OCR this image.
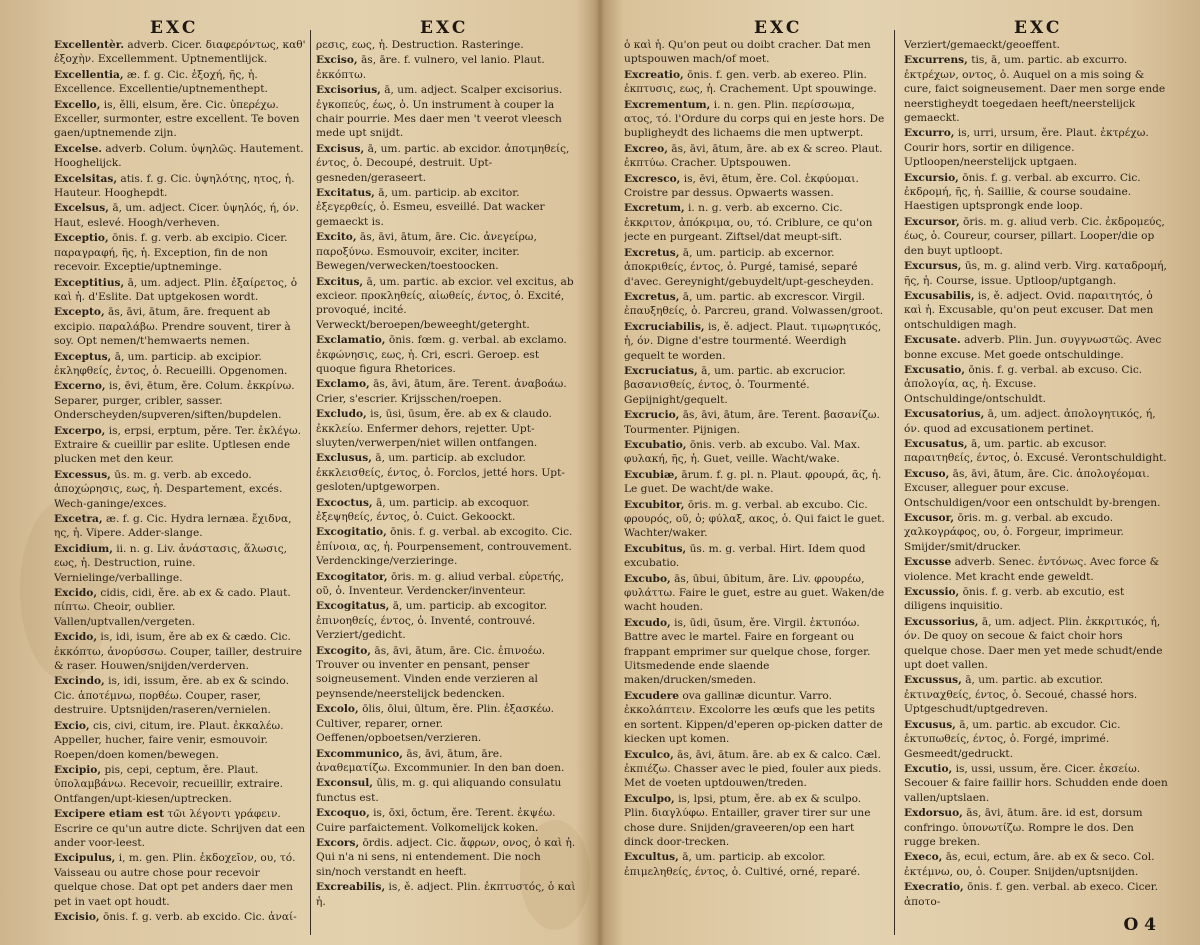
EXC	EXC
Excellentèr. adverb. Cicer. διαφερόντως, καθ' ἐξοχὴν. Excellemment. Uptnementlijck.
Excellentia, æ. f. g. Cic. ἐξοχή, ῆς, ἡ. Excellence. Excellentie/uptnementhept.
Excello, is, ělli, elsum, ěre. Cic. ὑπερέχω. Exceller, surmonter, estre excellent. Te boven gaen/uptnemende zijn.
Excelse. adverb. Colum. ὑψηλῶς. Hautement. Hooghelijck.
Excelsitas, atis. f. g. Cic. ὑψηλότης, ητος, ἡ. Hauteur. Hooghepdt.
Excelsus, ā, um. adject. Cicer. ὑψηλός, ή, όν. Haut, eslevé. Hoogh/verheven.
Exceptio, ōnis. f. g. verb. ab excipio. Cicer. παραγραφή, ῆς, ἡ. Exception, fin de non recevoir. Exceptie/uptneminge.
Exceptitius, ā, um. adject. Plin. ἐξαίρετος, ὁ καὶ ἡ. d'Eslite. Dat uptgekosen wordt.
Excepto, ās, āvi, ātum, āre. frequent ab excipio. παραλάβω. Prendre souvent, tirer à soy. Opt nemen/t'hemwaerts nemen.
Exceptus, ā, um. particip. ab excipior. ἐκληφθείς, ἐντος, ὁ. Recueilli. Opgenomen.
Excerno, is, ēvi, ētum, ěre. Colum. ἐκκρίνω. Separer, purger, cribler, sasser. Onderscheyden/supveren/siften/bupdelen.
Excerpo, is, erpsi, erptum, pěre. Ter. ἐκλέγω. Extraire & cueillir par eslite. Uptlesen ende plucken met den keur.
Excessus, ūs. m. g. verb. ab excedo. ἀποχώρησις, εως, ἡ. Despartement, excés. Wech-ganinge/exces.
Excetra, æ. f. g. Cic. Hydra lernæa. ἔχιδνα, ης, ἡ. Vipere. Adder-slange.
Excidium, ii. n. g. Liv. ἀνάστασις, ἅλωσις, εως, ἡ. Destruction, ruine. Vernielinge/verballinge.
Excido, cidis, cidi, ěre. ab ex & cado. Plaut. πίπτω. Cheoir, oublier. Vallen/uptvallen/vergeten.
Excido, is, idi, isum, ěre ab ex & cædo. Cic. ἐκκόπτω, ἀνορύσσω. Couper, tailler, destruire & raser. Houwen/snijden/verderven.
Excindo, is, idi, issum, ěre. ab ex & scindo. Cic. ἀποτέμνω, πορθέω. Couper, raser, destruire. Uptsnijden/raseren/vernielen.
Excio, cis, civi, citum, ire. Plaut. ἐκκαλέω. Appeller, hucher, faire venir, esmouvoir. Roepen/doen komen/bewegen.
Excipio, pis, cepi, ceptum, ěre. Plaut. ὑπολαμβάνω. Recevoir, recueillir, extraire. Ontfangen/upt-kiesen/uptrecken.
Excipere etiam est τῶι λέγοντι γράφειν. Escrire ce qu'un autre dicte. Schrijven dat een ander voor-leest.
Excipulus, i, m. gen. Plin. ἐκδοχεῖον, ου, τό. Vaisseau ou autre chose pour recevoir quelque chose. Dat opt pet anders daer men pet in vaet opt houdt.
Excisio, ōnis. f. g. verb. ab excido. Cic. ἀναί-
ρεσις, εως, ἡ. Destruction. Rasteringe.
Exciso, ās, āre. f. vulnero, vel lanio. Plaut. ἐκκόπτω.
Excisorius, ā, um. adject. Scalper excisorius. ἐγκοπεύς, έως, ὁ. Un instrument à couper la chair pourrie. Mes daer men 't veerot vleesch mede upt snijdt.
Excisus, ā, um. partic. ab excidor. ἀποτμηθείς, έντος, ὁ. Decoupé, destruit. Upt-gesneden/geraseert.
Excitatus, ā, um. particip. ab excitor. ἐξεγερθείς, ὁ. Esmeu, esveillé. Dat wacker gemaeckt is.
Excito, ās, āvi, ātum, āre. Cic. ἀνεγείρω, παροξύνω. Esmouvoir, exciter, inciter. Bewegen/verwecken/toestoocken.
Excitus, ā, um. partic. ab excior. vel excitus, ab excieor. προκληθείς, αἰωθείς, έντος, ὁ. Excité, provoqué, incité. Verweckt/beroepen/beweeght/geterght.
Exclamatio, ōnis. fœm. g. verbal. ab exclamo. ἐκφώνησις, εως, ἡ. Cri, escri. Geroep. est quoque figura Rhetorices.
Exclamo, ās, āvi, ātum, āre. Terent. ἀναβοάω. Crier, s'escrier. Krijsschen/roepen.
Excludo, is, ūsi, ūsum, ěre. ab ex & claudo. ἐκκλείω. Enfermer dehors, rejetter. Upt-sluyten/verwerpen/niet willen ontfangen.
Exclusus, ā, um. particip. ab excludor. ἐκκλεισθείς, έντος, ὁ. Forclos, jetté hors. Upt-gesloten/uptgeworpen.
Excoctus, ā, um. particip. ab excoquor. ἐξεψηθείς, έντος, ὁ. Cuict. Gekoockt.
Excogitatio, ōnis. f. g. verbal. ab excogito. Cic. ἐπίνοια, ας, ἡ. Pourpensement, controuvement. Verdenckinge/verzieringe.
Excogitator, ōris. m. g. aliud verbal. εὑρετής, οῦ, ὁ. Inventeur. Verdencker/inventeur.
Excogitatus, ā, um. particip. ab excogitor. ἐπινοηθείς, έντος, ὁ. Inventé, controuvé. Verziert/gedicht.
Excogito, ās, āvi, ātum, āre. Cic. ἐπινοέω. Trouver ou inventer en pensant, penser soigneusement. Vinden ende verzieren al peynsende/neerstelijck bedencken.
Excolo, ōlis, ōlui, ūltum, ěre. Plin. ἐξασκέω. Cultiver, reparer, orner. Oeffenen/opboetsen/verzieren.
Excommunico, ās, āvi, ātum, āre. ἀναθεματίζω. Excommunier. In den ban doen.
Exconsul, ūlis, m. g. qui aliquando consulatu functus est.
Excoquo, is, ōxi, ōctum, ěre. Terent. ἐκψέω. Cuire parfaictement. Volkomelijck koken.
Excors, ōrdis. adject. Cic. ἄφρων, ονος, ὁ καὶ ἡ. Qui n'a ni sens, ni entendement. Die noch sin/noch verstandt en heeft.
Excreabilis, is, ě. adject. Plin. ἐκπτυστός, ὁ καὶ ἡ.
EXC	EXC
ὁ καὶ ἡ. Qu'on peut ou doibt cracher. Dat men uptspouwen mach/of moet.
Excreatio, ōnis. f. gen. verb. ab exereo. Plin. ἐκπτυσις, εως, ἡ. Crachement. Upt spouwinge.
Excrementum, i. n. gen. Plin. περίσσωμα, ατος, τό. l'Ordure du corps qui en jeste hors. De bupligheydt des lichaems die men uptwerpt.
Excreo, ās, āvi, ātum, āre. ab ex & screo. Plaut. ἐκπτύω. Cracher. Uptspouwen.
Excresco, is, ēvi, ētum, ěre. Col. ἐκφύομαι. Croistre par dessus. Opwaerts wassen.
Excretum, i. n. g. verb. ab excerno. Cic. ἐκκριτον, ἀπόκριμα, ου, τό. Criblure, ce qu'on jecte en purgeant. Ziftsel/dat meupt-sift.
Excretus, ā, um. particip. ab excernor. ἀποκριθείς, έντος, ὁ. Purgé, tamisé, separé d'avec. Gereynight/gebuydelt/upt-gescheyden.
Excretus, ā, um. partic. ab excrescor. Virgil. ἐπαυξηθείς, ὁ. Parcreu, grand. Volwassen/groot.
Excruciabilis, is, ě. adject. Plaut. τιμωρητικός, ἡ, όν. Digne d'estre tourmenté. Weerdigh gequelt te worden.
Excruciatus, ā, um. partic. ab excrucior. βασανισθείς, έντος, ὁ. Tourmenté. Gepijnight/gequelt.
Excrucio, ās, āvi, ātum, āre. Terent. βασανίζω. Tourmenter. Pijnigen.
Excubatio, ōnis. verb. ab excubo. Val. Max. φυλακή, ῆς, ἡ. Guet, veille. Wacht/wake.
Excubiæ, ārum. f. g. pl. n. Plaut. φρουρά, ᾶς, ἡ. Le guet. De wacht/de wake.
Excubitor, ōris. m. g. verbal. ab excubo. Cic. φρουρός, οῦ, ὁ; φύλαξ, ακος, ὁ. Qui faict le guet. Wachter/waker.
Excubitus, ūs. m. g. verbal. Hirt. Idem quod excubatio.
Excubo, ās, ūbui, ūbitum, āre. Liv. φρουρέω, φυλάττω. Faire le guet, estre au guet. Waken/de wacht houden.
Excudo, is, ūdi, ūsum, ěre. Virgil. ἐκτυπόω. Battre avec le martel. Faire en forgeant ou frappant emprimer sur quelque chose, forger. Uitsmedende ende slaende maken/drucken/smeden.
Excudere ova gallinæ dicuntur. Varro. ἐκκολάπτειν. Excolorre les œufs que les petits en sortent. Kippen/d'eperen op-picken datter de kiecken upt komen.
Exculco, ās, āvi, ātum. āre. ab ex & calco. Cæl. ἐκπιέζω. Chasser avec le pied, fouler aux pieds. Met de voeten uptdouwen/treden.
Exculpo, is, lpsi, ptum, ěre. ab ex & sculpo. Plin. διαγλύφω. Entailler, graver tirer sur une chose dure. Snijden/graveeren/op een hart dinck door-trecken.
Excultus, ā, um. particip. ab excolor. ἐπιμεληθείς, έντος, ὁ. Cultivé, orné, reparé.
Verziert/gemaeckt/geoeffent.
Excurrens, tis, ā, um. partic. ab excurro. ἐκτρέχων, οντος, ὁ. Auquel on a mis soing & cure, faict soigneusement. Daer men sorge ende neerstigheydt toegedaen heeft/neerstelijck gemaeckt.
Excurro, is, urri, ursum, ěre. Plaut. ἐκτρέχω. Courir hors, sortir en diligence. Uptloopen/neerstelijck uptgaen.
Excursio, ōnis. f. g. verbal. ab excurro. Cic. ἐκδρομή, ῆς, ἡ. Saillie, & course soudaine. Haestigen uptsprongk ende loop.
Excursor, ōris. m. g. aliud verb. Cic. ἐκδρομεύς, έως, ὁ. Coureur, courser, pillart. Looper/die op den buyt uptloopt.
Excursus, ūs, m. g. alind verb. Virg. καταδρομή, ῆς, ἡ. Course, issue. Uptloop/uptgangh.
Excusabilis, is, ě. adject. Ovid. παραιτητός, ὁ καὶ ἡ. Excusable, qu'on peut excuser. Dat men ontschuldigen magh.
Excusate. adverb. Plin. Jun. συγγνωστῶς. Avec bonne excuse. Met goede ontschuldinge.
Excusatio, ōnis. f. g. verbal. ab excuso. Cic. ἀπολογία, ας, ἡ. Excuse. Ontschuldinge/ontschuldt.
Excusatorius, ā, um. adject. ἀπολογητικός, ή, όν. quod ad excusationem pertinet.
Excusatus, ā, um. partic. ab excusor. παραιτηθείς, έντος, ὁ. Excusé. Verontschuldight.
Excuso, ās, āvi, ātum, āre. Cic. ἀπολογέομαι. Excuser, alleguer pour excuse. Ontschuldigen/voor een ontschuldt by-brengen.
Excusor, ōris. m. g. verbal. ab excudo. χαλκογράφος, ου, ὁ. Forgeur, imprimeur. Smijder/smit/drucker.
Excusse adverb. Senec. ἐντόνως. Avec force & violence. Met kracht ende geweldt.
Excussio, ōnis. f. g. verb. ab excutio, est diligens inquisitio.
Excussorius, ā, um. adject. Plin. ἐκκριτικός, ή, όν. De quoy on secoue & faict choir hors quelque chose. Daer men yet mede schudt/ende upt doet vallen.
Excussus, ā, um. partic. ab excutior. ἐκτιναχθείς, έντος, ὁ. Secoué, chassé hors. Uptgeschudt/uptgedreven.
Excusus, ā, um. partic. ab excudor. Cic. ἐκτυπωθείς, έντος, ὁ. Forgé, imprimé. Gesmeedt/gedruckt.
Excutio, is, ussi, ussum, ěre. Cicer. ἐκσείω. Secouer & faire faillir hors. Schudden ende doen vallen/uptslaen.
Exdorsuo, ās, āvi, ātum. āre. id est, dorsum confringo. ὑπονωτίζω. Rompre le dos. Den rugge breken.
Execo, ās, ecui, ectum, āre. ab ex & seco. Col. ἐκτέμνω, ου, ὁ. Couper. Snijden/uptsnijden.
Execratio, ōnis. f. gen. verbal. ab execo. Cicer. ἀποτο-
O 4
